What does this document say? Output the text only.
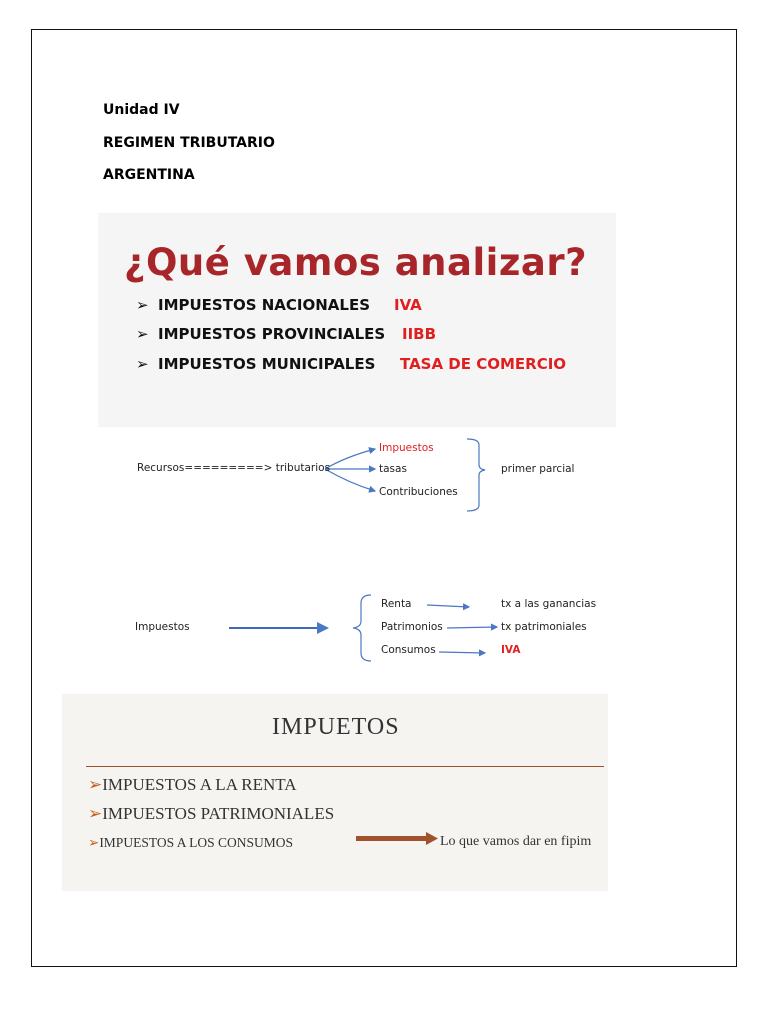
Unidad IV
REGIMEN TRIBUTARIO
ARGENTINA
¿Qué vamos analizar?
➢ IMPUESTOS NACIONALES IVA
➢ IMPUESTOS PROVINCIALES IIBB
➢ IMPUESTOS MUNICIPALES TASA DE COMERCIO
Recursos=========> tributarios
Impuestos
tasas
Contribuciones
primer parcial
Impuestos
Renta
Patrimonios
Consumos
tx a las ganancias
tx patrimoniales
IVA
IMPUETOS
➢IMPUESTOS A LA RENTA
➢IMPUESTOS PATRIMONIALES
➢IMPUESTOS A LOS CONSUMOS	Lo que vamos dar en fipim
